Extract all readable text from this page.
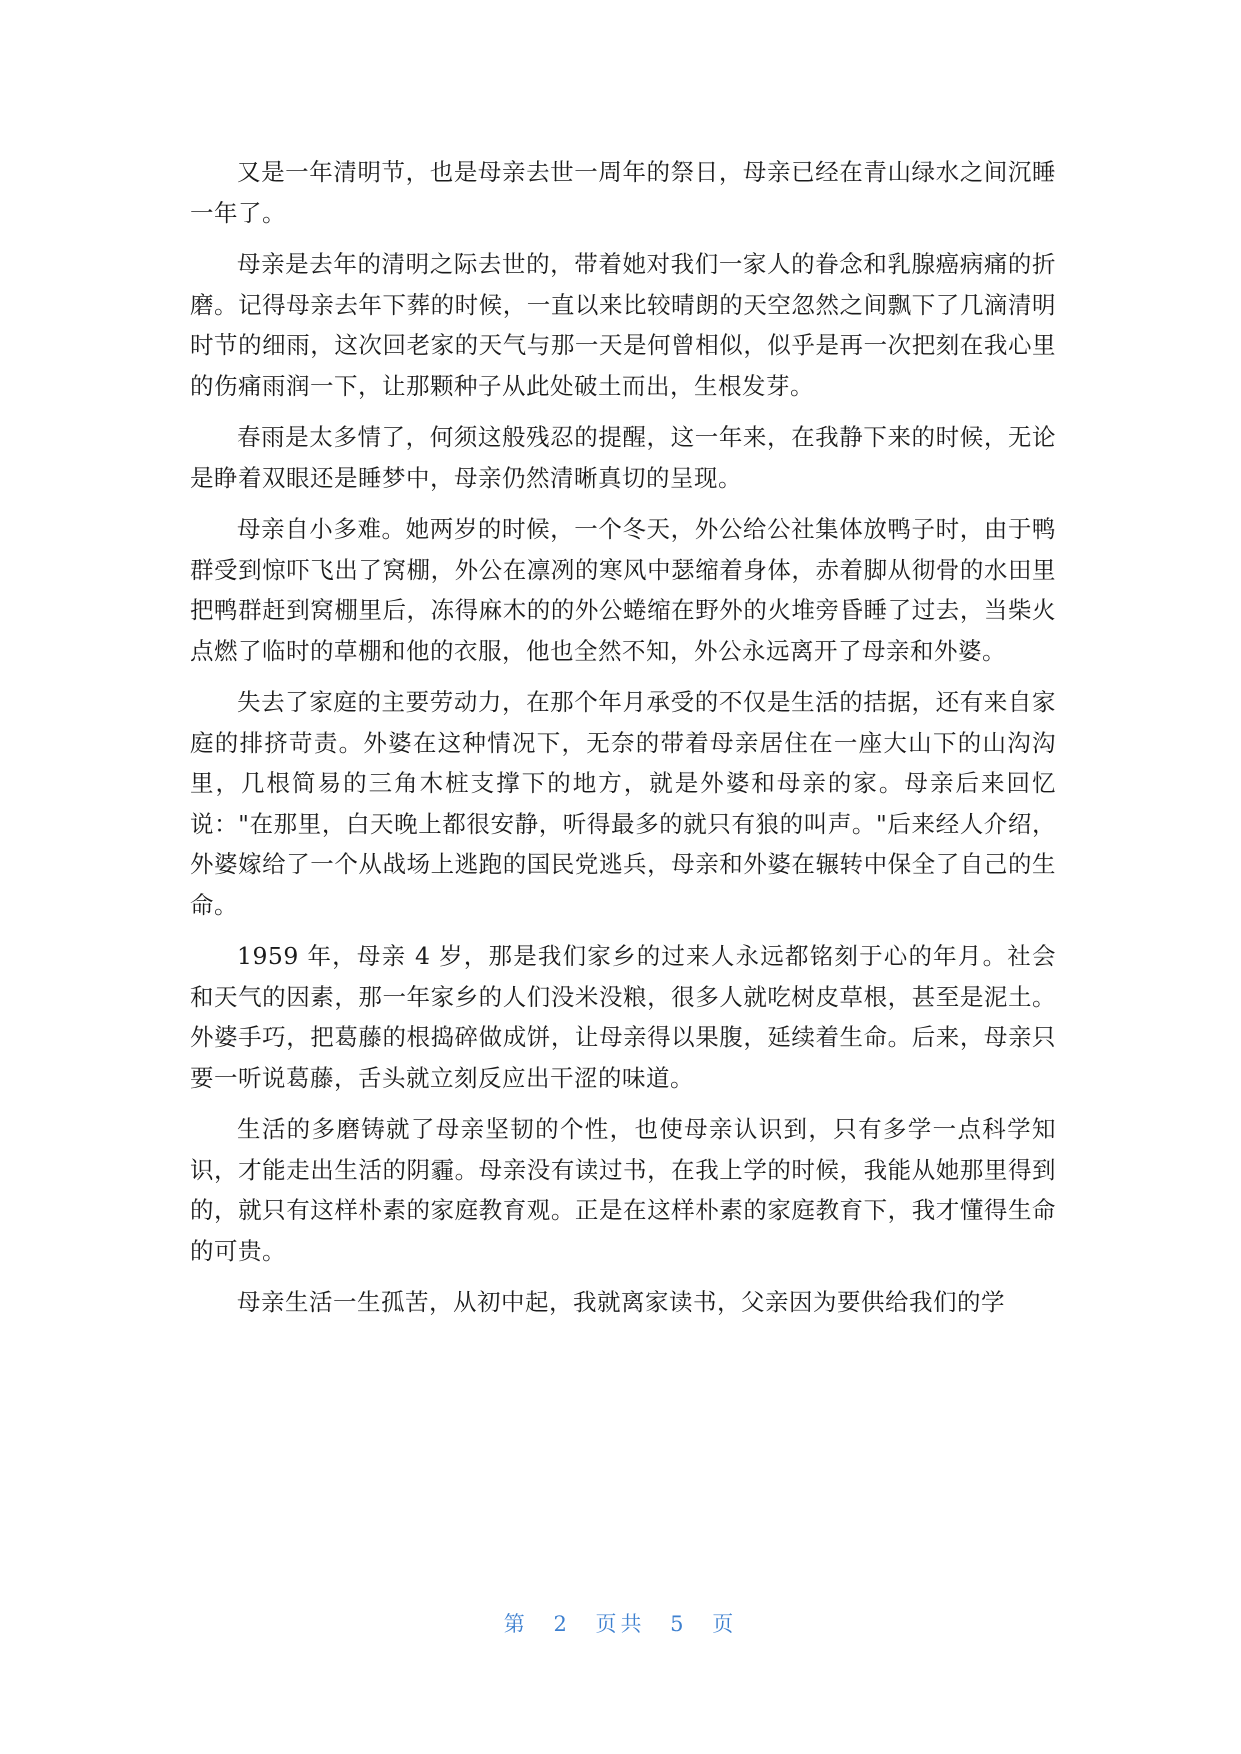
又是一年清明节，也是母亲去世一周年的祭日，母亲已经在青山绿水之间沉睡一年了。

母亲是去年的清明之际去世的，带着她对我们一家人的眷念和乳腺癌病痛的折磨。记得母亲去年下葬的时候，一直以来比较晴朗的天空忽然之间飘下了几滴清明时节的细雨，这次回老家的天气与那一天是何曾相似，似乎是再一次把刻在我心里的伤痛雨润一下，让那颗种子从此处破土而出，生根发芽。

春雨是太多情了，何须这般残忍的提醒，这一年来，在我静下来的时候，无论是睁着双眼还是睡梦中，母亲仍然清晰真切的呈现。

母亲自小多难。她两岁的时候，一个冬天，外公给公社集体放鸭子时，由于鸭群受到惊吓飞出了窝棚，外公在凛冽的寒风中瑟缩着身体，赤着脚从彻骨的水田里把鸭群赶到窝棚里后，冻得麻木的的外公蜷缩在野外的火堆旁昏睡了过去，当柴火点燃了临时的草棚和他的衣服，他也全然不知，外公永远离开了母亲和外婆。

失去了家庭的主要劳动力，在那个年月承受的不仅是生活的拮据，还有来自家庭的排挤苛责。外婆在这种情况下，无奈的带着母亲居住在一座大山下的山沟沟里，几根简易的三角木桩支撑下的地方，就是外婆和母亲的家。母亲后来回忆说："在那里，白天晚上都很安静，听得最多的就只有狼的叫声。"后来经人介绍，外婆嫁给了一个从战场上逃跑的国民党逃兵，母亲和外婆在辗转中保全了自己的生命。

1959 年，母亲 4 岁，那是我们家乡的过来人永远都铭刻于心的年月。社会和天气的因素，那一年家乡的人们没米没粮，很多人就吃树皮草根，甚至是泥土。外婆手巧，把葛藤的根捣碎做成饼，让母亲得以果腹，延续着生命。后来，母亲只要一听说葛藤，舌头就立刻反应出干涩的味道。

生活的多磨铸就了母亲坚韧的个性，也使母亲认识到，只有多学一点科学知识，才能走出生活的阴霾。母亲没有读过书，在我上学的时候，我能从她那里得到的，就只有这样朴素的家庭教育观。正是在这样朴素的家庭教育下，我才懂得生命的可贵。

母亲生活一生孤苦，从初中起，我就离家读书，父亲因为要供给我们的学

第 2 页共 5 页
